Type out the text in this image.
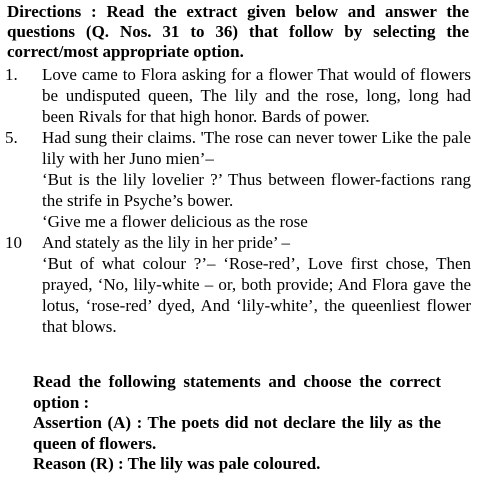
Directions : Read the extract given below and answer the questions (Q. Nos. 31 to 36) that follow by selecting the correct/most appropriate option.
1.	Love came to Flora asking for a flower That would of flowers be undisputed queen, The lily and the rose, long, long had been Rivals for that high honor. Bards of power.
5.	Had sung their claims. 'The rose can never tower Like the pale lily with her Juno mien’–
‘But is the lily lovelier ?’ Thus between flower-factions rang the strife in Psyche’s bower.
‘Give me a flower delicious as the rose
10	And stately as the lily in her pride’ –
‘But of what colour ?’– ‘Rose-red’, Love first chose, Then prayed, ‘No, lily-white – or, both provide; And Flora gave the lotus, ‘rose-red’ dyed, And ‘lily-white’, the queenliest flower that blows.
Read the following statements and choose the correct option :
Assertion (A) : The poets did not declare the lily as the queen of flowers.
Reason (R) : The lily was pale coloured.
